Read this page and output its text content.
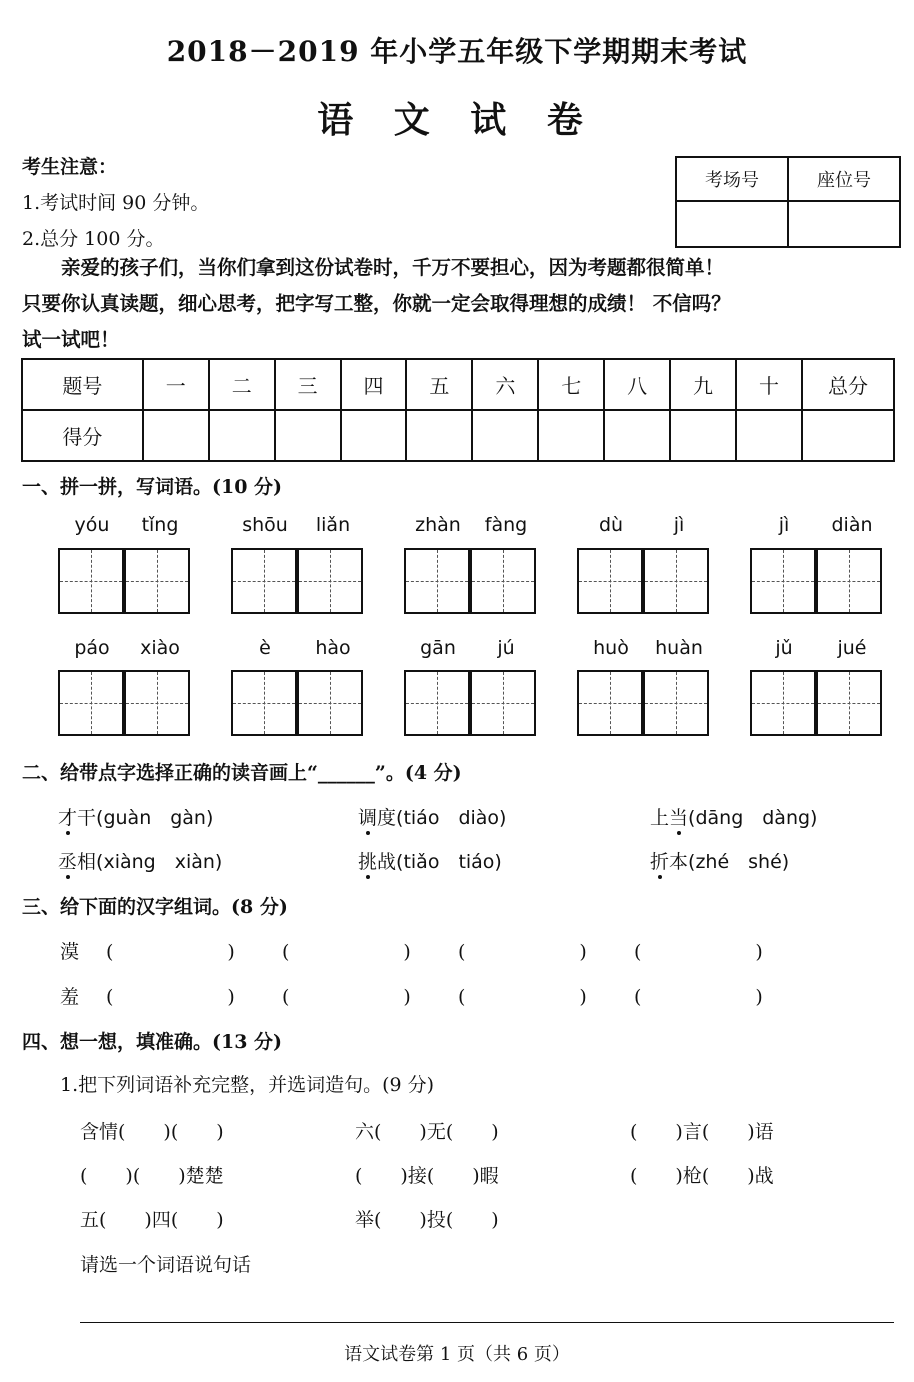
2018－2019 年小学五年级下学期期末考试
语 文 试 卷
考生注意：
1.考试时间 90 分钟。
2.总分 100 分。
考场号	座位号

　　亲爱的孩子们，当你们拿到这份试卷时，千万不要担心，因为考题都很简单！
只要你认真读题，细心思考，把字写工整，你就一定会取得理想的成绩！ 不信吗？
试一试吧！
题号	一	二	三	四	五	六	七	八	九	十	总分
得分											
一、拼一拼，写词语。(10 分)
yóu	tǐng	shōu	liǎn	zhàn	fàng	dù	jì	jì	diàn
páo	xiào	è	hào	gān	jú	huò	huàn	jǔ	jué
二、给带点字选择正确的读音画上“______”。(4 分)
才干(guàn　gàn)	调度(tiáo　diào)	上当(dāng　dàng)
丞相(xiàng　xiàn)	挑战(tiǎo　tiáo)	折本(zhé　shé)
三、给下面的汉字组词。(8 分)
漠 (　　　　　　) (　　　　　　) (　　　　　　) (　　　　　　)
羞 (　　　　　　) (　　　　　　) (　　　　　　) (　　　　　　)
四、想一想，填准确。(13 分)
1.把下列词语补充完整，并选词造句。(9 分)
含情(　　)(　　)	六(　　)无(　　)	(　　)言(　　)语
(　　)(　　)楚楚	(　　)接(　　)暇	(　　)枪(　　)战
五(　　)四(　　)	举(　　)投(　　)
请选一个词语说句话
语文试卷第 1 页（共 6 页）
